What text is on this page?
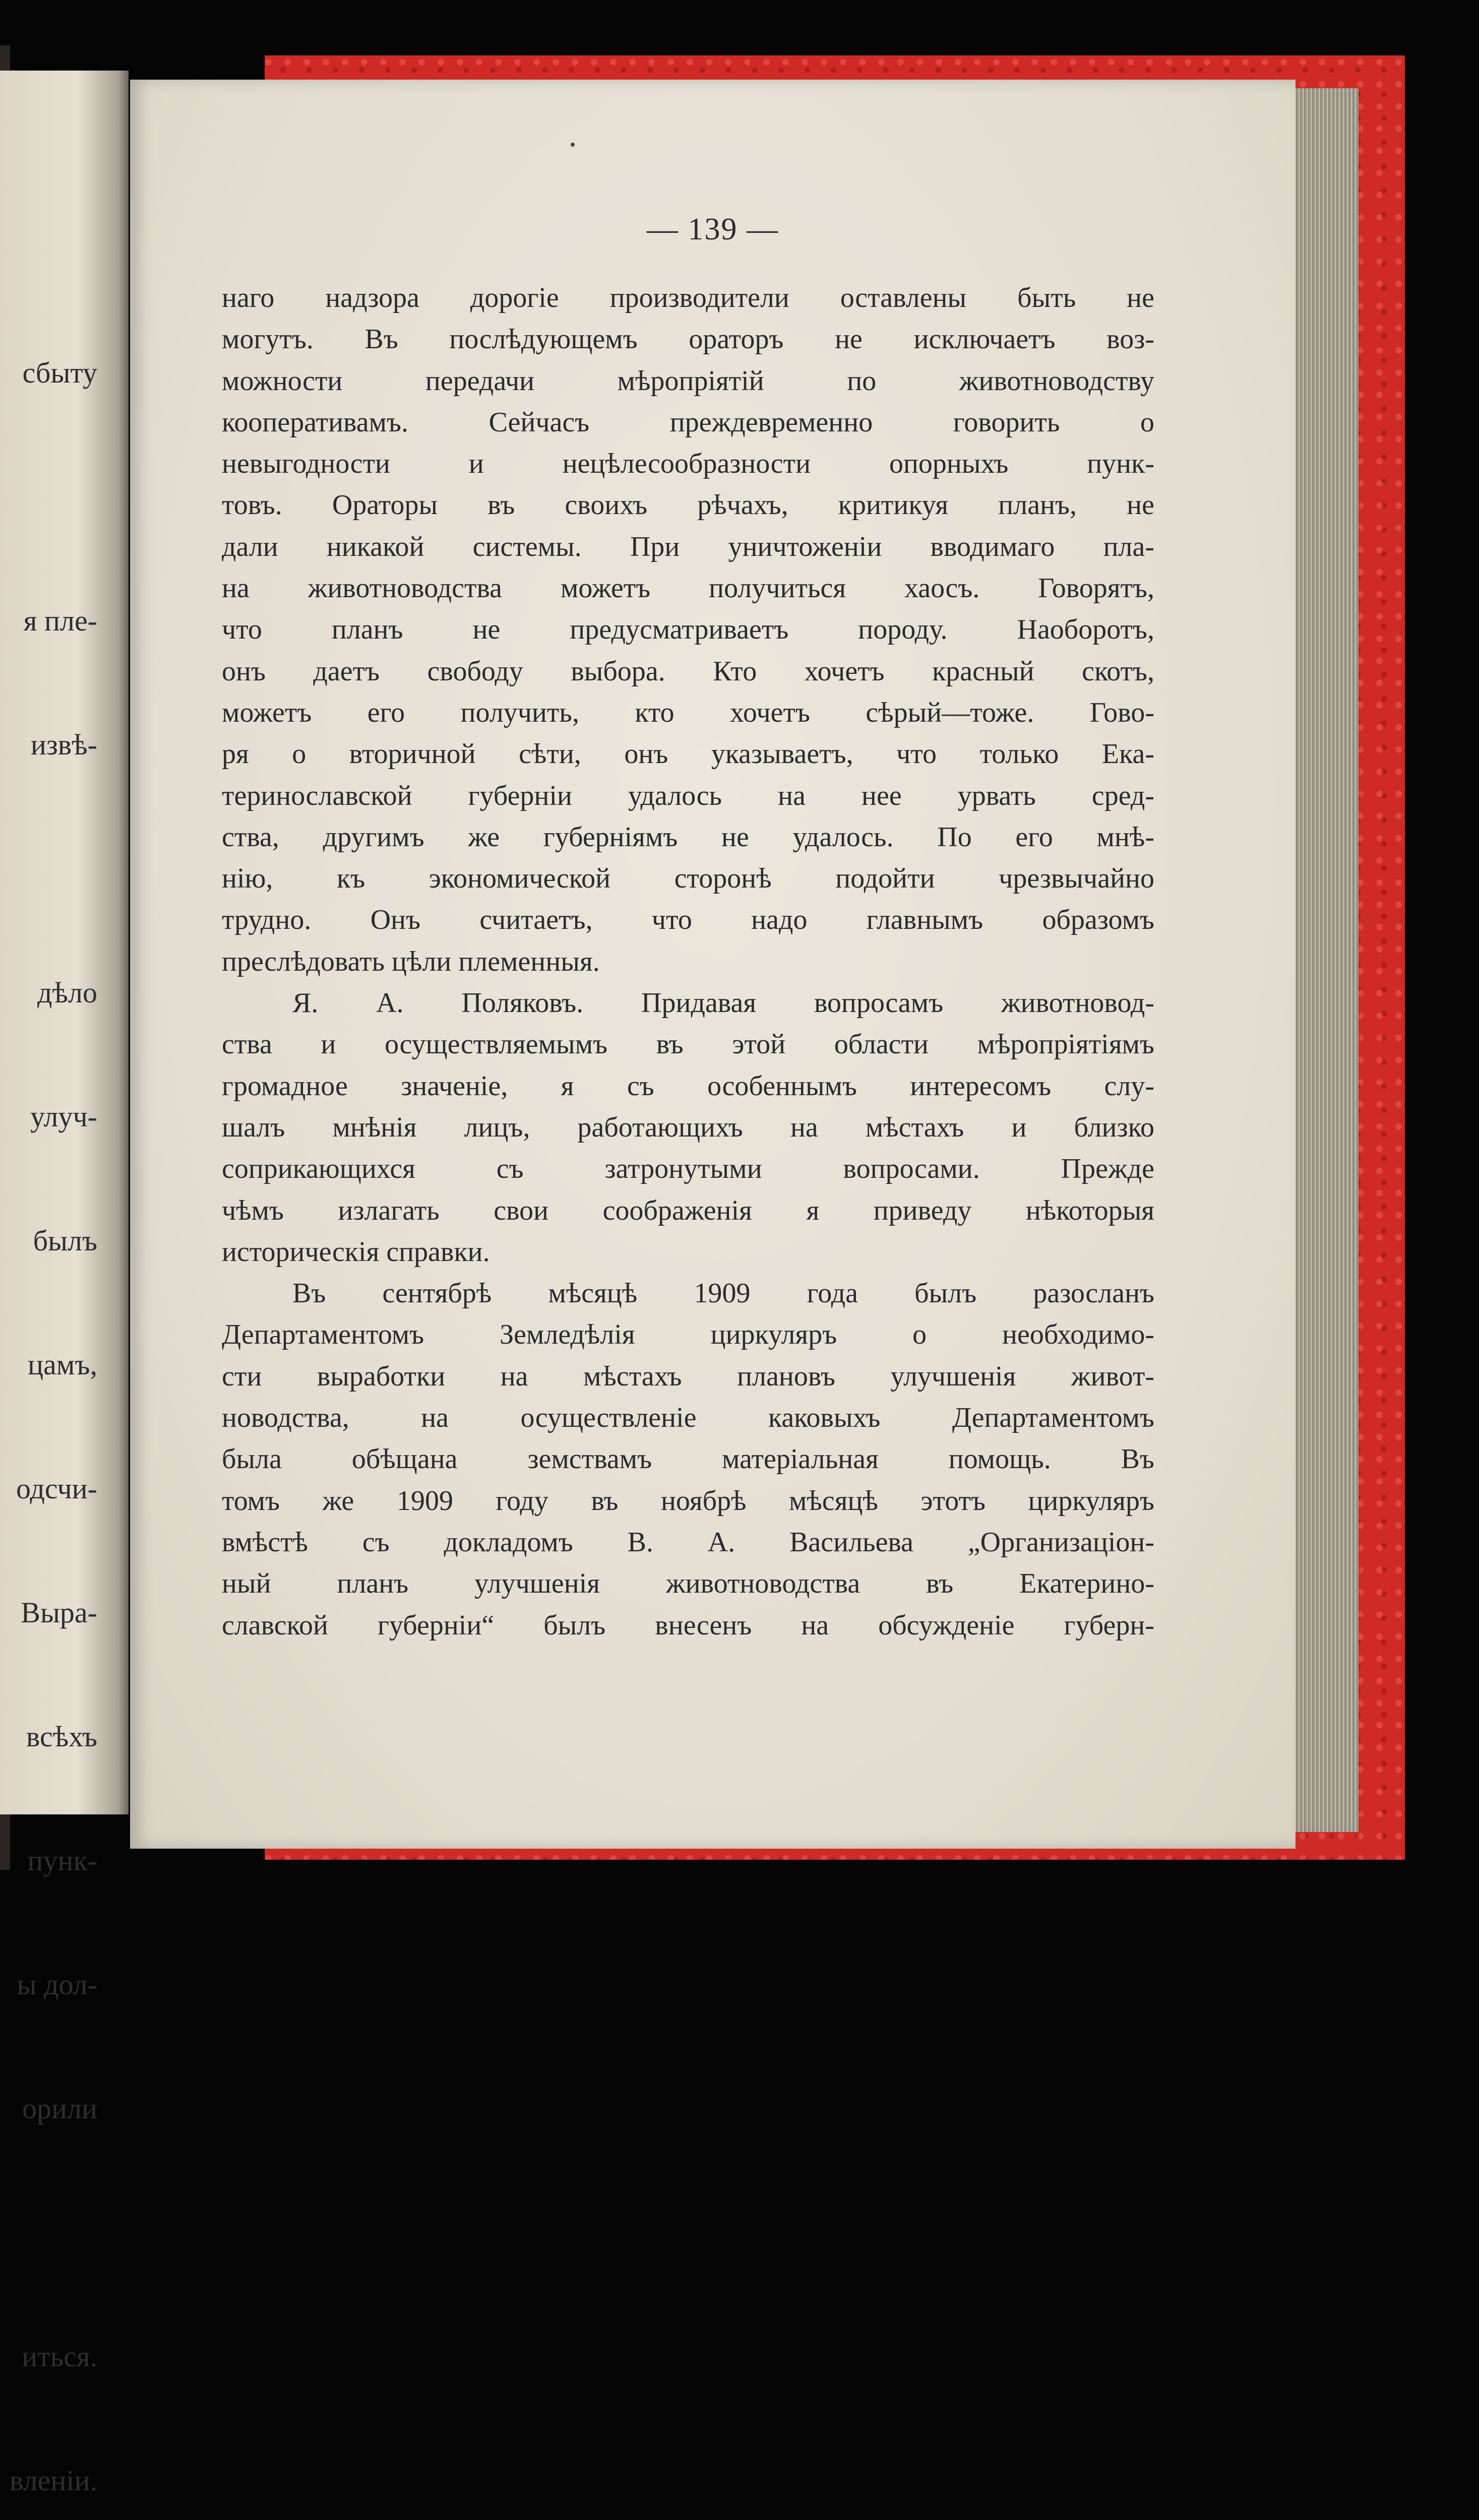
сбыту

я пле-

извѣ-

дѣло

улуч-

былъ

цамъ,

одсчи-

Выра-

всѣхъ

пунк-

ы дол-

орили

иться.

вленіи.

— 139 —
наго надзора дорогіе производители оставлены быть не
могутъ. Въ послѣдующемъ ораторъ не исключаетъ воз-
можности передачи мѣропріятій по животноводству
кооперативамъ. Сейчасъ преждевременно говорить о
невыгодности и нецѣлесообразности опорныхъ пунк-
товъ. Ораторы въ своихъ рѣчахъ, критикуя планъ, не
дали никакой системы. При уничтоженіи вводимаго пла-
на животноводства можетъ получиться хаосъ. Говорятъ,
что планъ не предусматриваетъ породу. Наоборотъ,
онъ даетъ свободу выбора. Кто хочетъ красный скотъ,
можетъ его получить, кто хочетъ сѣрый—тоже. Гово-
ря о вторичной сѣти, онъ указываетъ, что только Ека-
теринославской губерніи удалось на нее урвать сред-
ства, другимъ же губерніямъ не удалось. По его мнѣ-
нію, къ экономической сторонѣ подойти чрезвычайно
трудно. Онъ считаетъ, что надо главнымъ образомъ
преслѣдовать цѣли племенныя.
Я. А. Поляковъ. Придавая вопросамъ животновод-
ства и осуществляемымъ въ этой области мѣропріятіямъ
громадное значеніе, я съ особеннымъ интересомъ слу-
шалъ мнѣнія лицъ, работающихъ на мѣстахъ и близко
соприкающихся съ затронутыми вопросами. Прежде
чѣмъ излагать свои соображенія я приведу нѣкоторыя
историческія справки.
Въ сентябрѣ мѣсяцѣ 1909 года былъ разосланъ
Департаментомъ Земледѣлія циркуляръ о необходимо-
сти выработки на мѣстахъ плановъ улучшенія живот-
новодства, на осуществленіе каковыхъ Департаментомъ
была обѣщана земствамъ матеріальная помощь. Въ
томъ же 1909 году въ ноябрѣ мѣсяцѣ этотъ циркуляръ
вмѣстѣ съ докладомъ В. А. Васильева „Организаціон-
ный планъ улучшенія животноводства въ Екатерино-
славской губерніи“ былъ внесенъ на обсужденіе губерн-
